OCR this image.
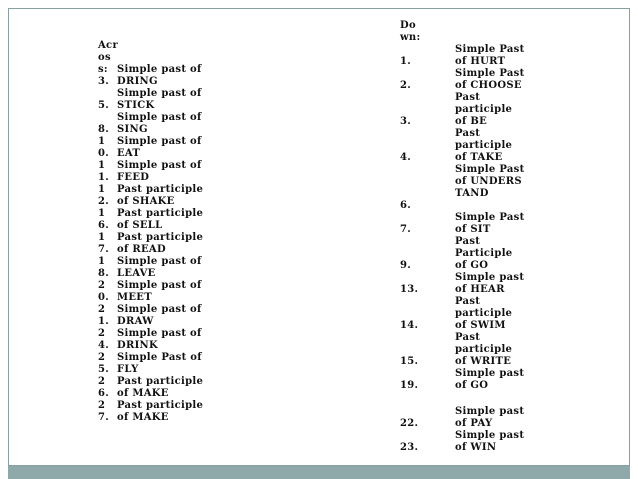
Across:
3.
Simple past of DRING
5.
Simple past of STICK
8.
Simple past of SING
10.
Simple past of EAT
11.
Simple past of FEED
12.
Past participle of SHAKE
16.
Past participle of SELL
17.
Past participle of READ
18.
Simple past of LEAVE
20.
Simple past of MEET
21.
Simple past of DRAW
24.
Simple past of DRINK
25.
Simple Past of FLY
26.
Past participle of MAKE
27.
Past participle of MAKE
Down:
1.
Simple Past of HURT
2.
Simple Past of CHOOSE
3.
Past participle of BE
4.
Past participle of TAKE
6.
Simple Past of UNDERSTAND
7.
Simple Past of SIT
9.
Past Participle of GO
13.
Simple past of HEAR
14.
Past participle of SWIM
15.
Past participle of WRITE
19.
Simple past of GO
22.
Simple past of PAY
23.
Simple past of WIN
